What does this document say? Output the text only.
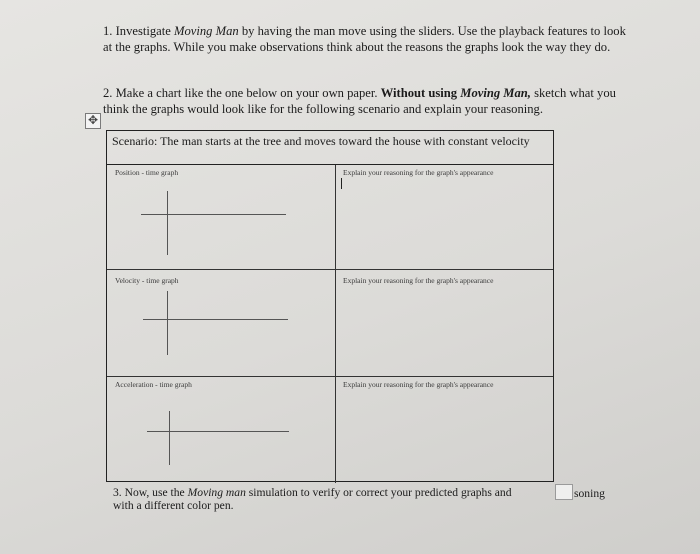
1. Investigate Moving Man by having the man move using the sliders. Use the playback features to look at the graphs. While you make observations think about the reasons the graphs look the way they do.
2. Make a chart like the one below on your own paper. Without using Moving Man, sketch what you think the graphs would look like for the following scenario and explain your reasoning.
✥
Scenario: The man starts at the tree and moves toward the house with constant velocity
Position - time graph	Explain your reasoning for the graph's appearance
Velocity - time graph	Explain your reasoning for the graph's appearance
Acceleration - time graph	Explain your reasoning for the graph's appearance
3. Now, use the Moving man simulation to verify or correct your predicted graphs and
with a different color pen.
soning
